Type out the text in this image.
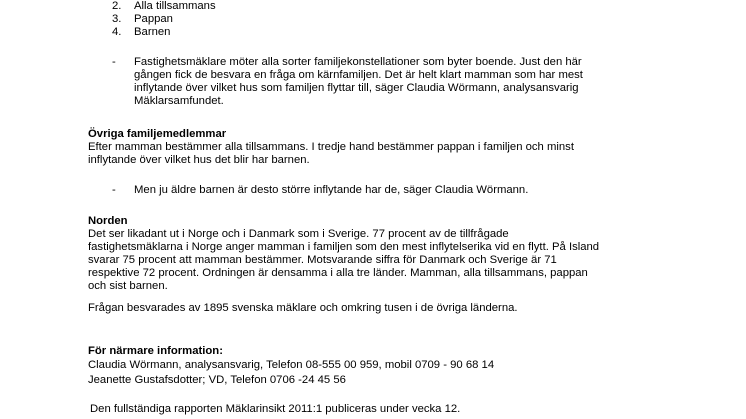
2. Alla tillsammans
3. Pappan
4. Barnen
- Fastighetsmäklare möter alla sorter familjekonstellationer som byter boende. Just den här
gången fick de besvara en fråga om kärnfamiljen. Det är helt klart mamman som har mest
inflytande över vilket hus som familjen flyttar till, säger Claudia Wörmann, analysansvarig
Mäklarsamfundet.
Övriga familjemedlemmar
Efter mamman bestämmer alla tillsammans. I tredje hand bestämmer pappan i familjen och minst
inflytande över vilket hus det blir har barnen.
- Men ju äldre barnen är desto större inflytande har de, säger Claudia Wörmann.
Norden
Det ser likadant ut i Norge och i Danmark som i Sverige. 77 procent av de tillfrågade
fastighetsmäklarna i Norge anger mamman i familjen som den mest inflytelserika vid en flytt. På Island
svarar 75 procent att mamman bestämmer. Motsvarande siffra för Danmark och Sverige är 71
respektive 72 procent. Ordningen är densamma i alla tre länder. Mamman, alla tillsammans, pappan
och sist barnen.
Frågan besvarades av 1895 svenska mäklare och omkring tusen i de övriga länderna.
För närmare information:
Claudia Wörmann, analysansvarig, Telefon 08-555 00 959, mobil 0709 - 90 68 14
Jeanette Gustafsdotter; VD, Telefon 0706 -24 45 56
Den fullständiga rapporten Mäklarinsikt 2011:1 publiceras under vecka 12.
